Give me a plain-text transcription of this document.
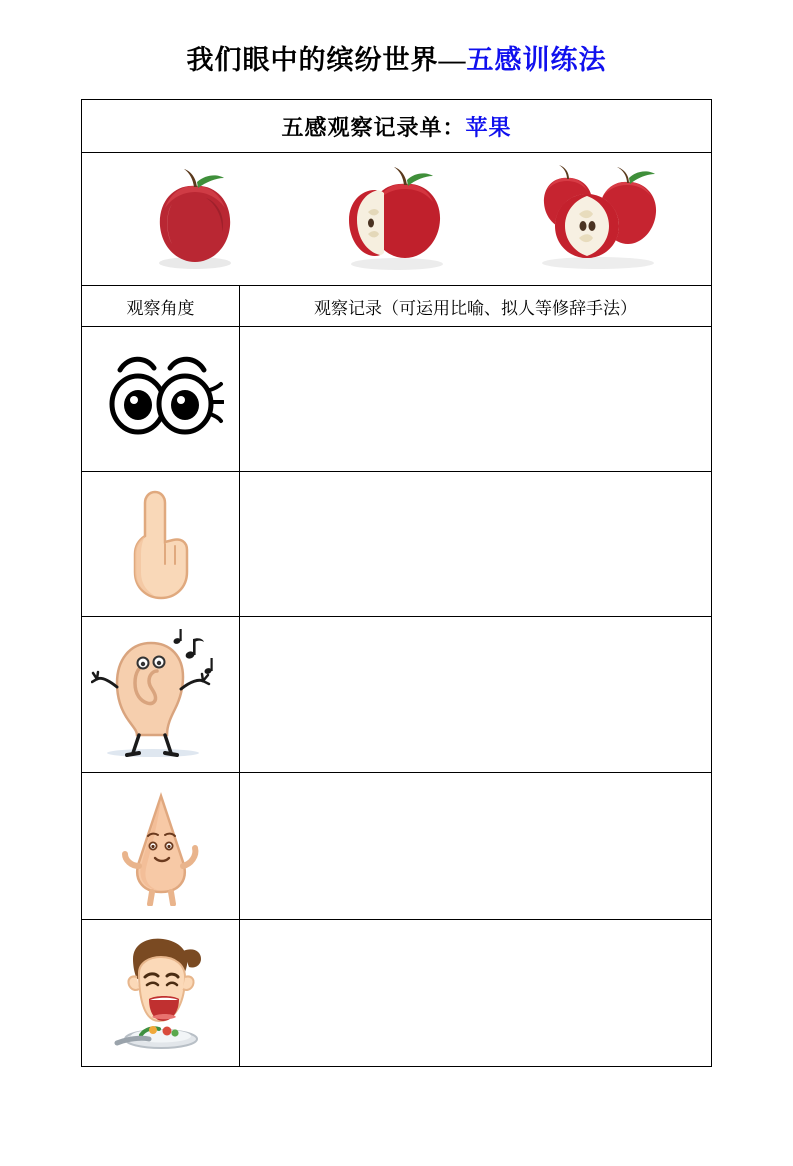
我们眼中的缤纷世界—五感训练法
五感观察记录单：苹果	

观察角度	观察记录（可运用比喻、拟人等修辞手法）
